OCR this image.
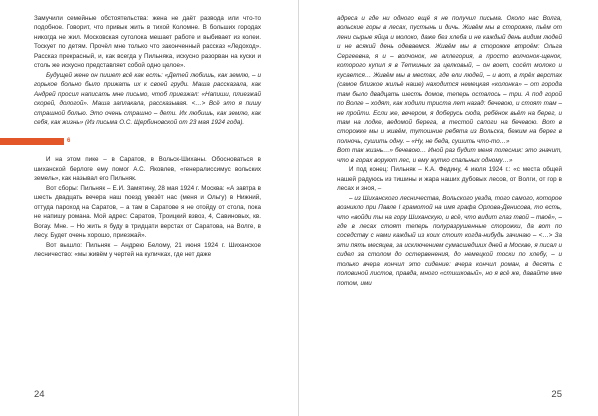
Замучили семейные обстоятельства: жена не даёт развода или что-то подобное. Говорит, что привык жить в тихой Коломне. В больших городах никогда не жил. Московская сутолока мешает работе и выбивает из колеи. Тоскует по детям. Прочёл мне только что законченный рассказ «Ледоход». Рассказ прекрасный, и, как всегда у Пильняка, искусно разорван на куски и столь же искусно представляет собой одно целое».

Будущей жене он пишет всё как есть: «Детей любишь, как землю, – и горькое больно было прижать их к своей груди. Маша рассказала, как Андрей просил написать мне письмо, чтоб приезжал: «Напиши, плиезжай скорей, дологой». Маша заплакала, рассказывая. <…> Всё это я пишу страшной болью. Это очень страшно – дети. Их любишь, как землю, как себя, как жизнь» (Из письма О.С. Щербиновской от 23 мая 1924 года).

6

И на этом пике – в Саратов, в Вольск-Шиханы. Обосноваться в шиханской берлоге ему помог А.С. Яковлев, «генералиссимус вольских земель», как называл его Пильняк.

Вот сборы: Пильняк – Е.И. Замятину, 28 мая 1924 г. Москва: «А завтра в шесть двадцать вечера наш поезд увезёт нас (меня и Ольгу) в Нижний, оттуда пароход на Саратов, – а там в Саратове я не отойду от стола, пока не напишу романа. Мой адрес: Саратов, Троицкий взвоз, 4, Савиновых, кв. Вогау. Мне. – Но жить я буду в тридцати верстах от Саратова, на Волге, в лесу. Будет очень хорошо, приезжай».

Вот вышло: Пильняк – Андрею Белому, 21 июня 1924 г. Шиханское лесничество: «мы живём у чертей на куличках, где нет даже

24

адреса и где ни одного ещё я не получил письма. Около нас Волга, вольские горы в лесах, пустынь и дичь. Живём мы в сторожке, пьём от лени сырые яйца и молоко, даже без хлеба и не каждый день видим людей и не всякий день одеваемся. Живём мы в сторожке втроём: Ольга Сергеевна, я и – волчонок, не аллегория, а просто волчонок-щенок, которого купил я в Теткиных за целковый, – он воет, сосёт молоко и кусается… Живём мы в местах, где ели людей, – и вот, в трёх верстах (самое близкое жильё наше) находится немецкая «колонка» – от города там было двадцать шесть домов, теперь осталось – три. А под горой по Волге – ходят, как ходили триста лет назад: бечевою, и стоят там – не пройти. Если же, вечером, я доберусь сюда, ребёнок вьёт на берег, и там на лодке, ведомой берега, в тестой сапоги на бечевою. Вот в сторожке мы и живём, тутошние ребята из Вольска, бежим на берег в полночь, сушить одну. – «Ну, не беда, сушить что-то…»

Вот так жизнь…» бечевою… Иной раз будит меня полесник: это значит, что в горах воруют лес, и ему жутко спальных одному…»

И под конец: Пильняк – К.А. Федину, 4 июля 1924 г.: «с места общей нашей радуюсь из тишины и жара наших дубовых лесов, от Волги, от гор в лесах и зноя, –

– из Шиханского лесничества, Вольского уезда, того самого, которое возникло при Павле I грамотой на имя графа Орлова-Денисова, то есть, что «войди ты на гору Шиханскую, и всё, что видит глаз твой – твоё», – где в лесах стоят теперь полуразрушенные сторожки, да вот по соседству с нами каждый из коих стоит когда-нибудь зачинаю – <…> За эти пять месяцев, за исключением сумасшедших дней в Москве, я писал и сидел за столом до остервенения, до немецкой тоски по хлебу, – и только вчера кончил это сидение: вчера кончил роман, в десять с половиной листов, правда, много «стишковый», но я всё же, давайте мне потом, ими

25
